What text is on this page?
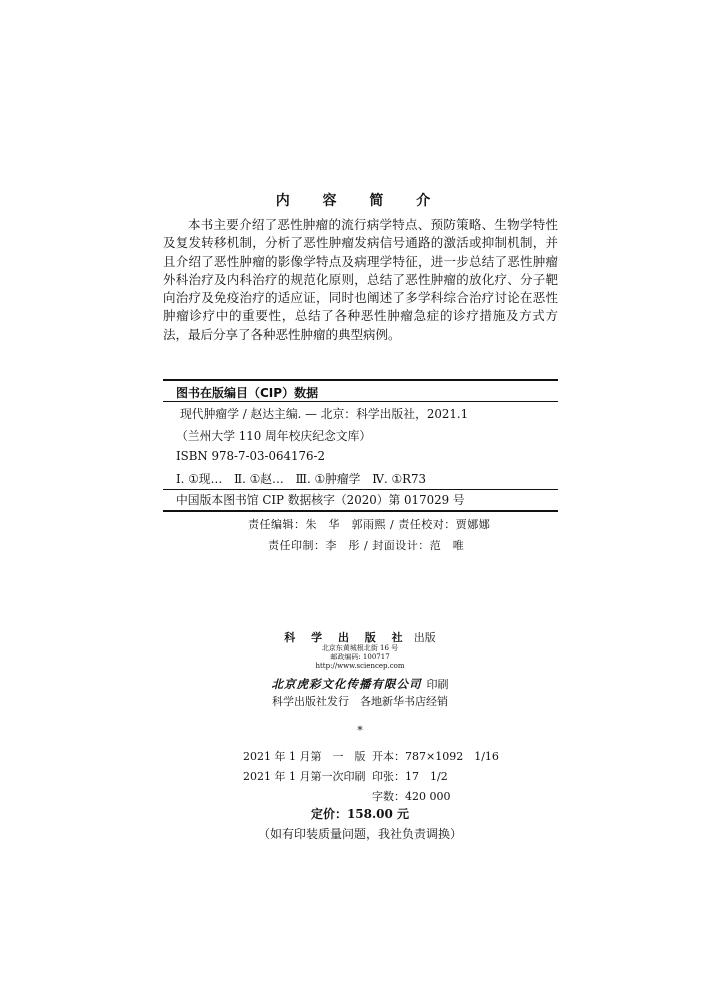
内 容 简 介

本书主要介绍了恶性肿瘤的流行病学特点、预防策略、生物学特性及复发转移机制，分析了恶性肿瘤发病信号通路的激活或抑制机制，并且介绍了恶性肿瘤的影像学特点及病理学特征，进一步总结了恶性肿瘤外科治疗及内科治疗的规范化原则，总结了恶性肿瘤的放化疗、分子靶向治疗及免疫治疗的适应证，同时也阐述了多学科综合治疗讨论在恶性肿瘤诊疗中的重要性，总结了各种恶性肿瘤急症的诊疗措施及方式方法，最后分享了各种恶性肿瘤的典型病例。

图书在版编目（CIP）数据
现代肿瘤学 / 赵达主编. — 北京：科学出版社，2021.1
（兰州大学 110 周年校庆纪念文库）
ISBN 978-7-03-064176-2
Ⅰ. ①现…　Ⅱ. ①赵…　Ⅲ. ①肿瘤学　Ⅳ. ①R73
中国版本图书馆 CIP 数据核字（2020）第 017029 号
责任编辑：朱　华　郭雨熙 / 责任校对：贾娜娜
责任印制：李　彤 / 封面设计：范　唯
科 学 出 版 社 出版
北京东黄城根北街 16 号
邮政编码: 100717
http://www.sciencep.com
北京虎彩文化传播有限公司 印刷
科学出版社发行　各地新华书店经销
*
2021 年 1 月第　一　版 开本：787×1092　1/16
2021 年 1 月第一次印刷 印张：17　1/2
字数：420 000
定价：158.00 元
（如有印装质量问题，我社负责调换）
